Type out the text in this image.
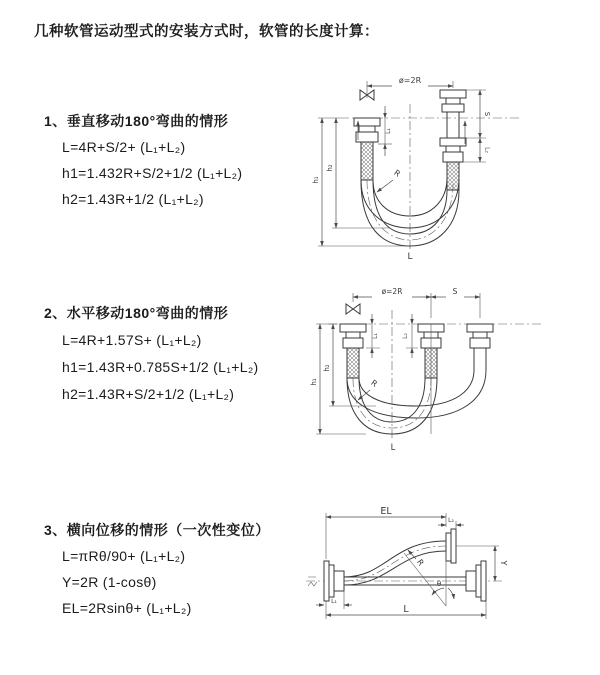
几种软管运动型式的安装方式时，软管的长度计算：
1、垂直移动180°弯曲的情形
L=4R+S/2+ (L₁+L₂)
h1=1.432R+S/2+1/2 (L₁+L₂)
h2=1.43R+1/2 (L₁+L₂)
2、水平移动180°弯曲的情形
L=4R+1.57S+ (L₁+L₂)
h1=1.43R+0.785S+1/2 (L₁+L₂)
h2=1.43R+S/2+1/2 (L₁+L₂)
3、横向位移的情形（一次性变位）
L=πRθ/90+ (L₁+L₂)
Y=2R (1-cosθ)
EL=2Rsinθ+ (L₁+L₂)
ø=2R
S
L₂
L₁
h₁
h₂
R
L
ø=2R	S
h₁
h₂
L₁	L₂
R
L
θ
EL
L₂
Y
R
L
L₁
